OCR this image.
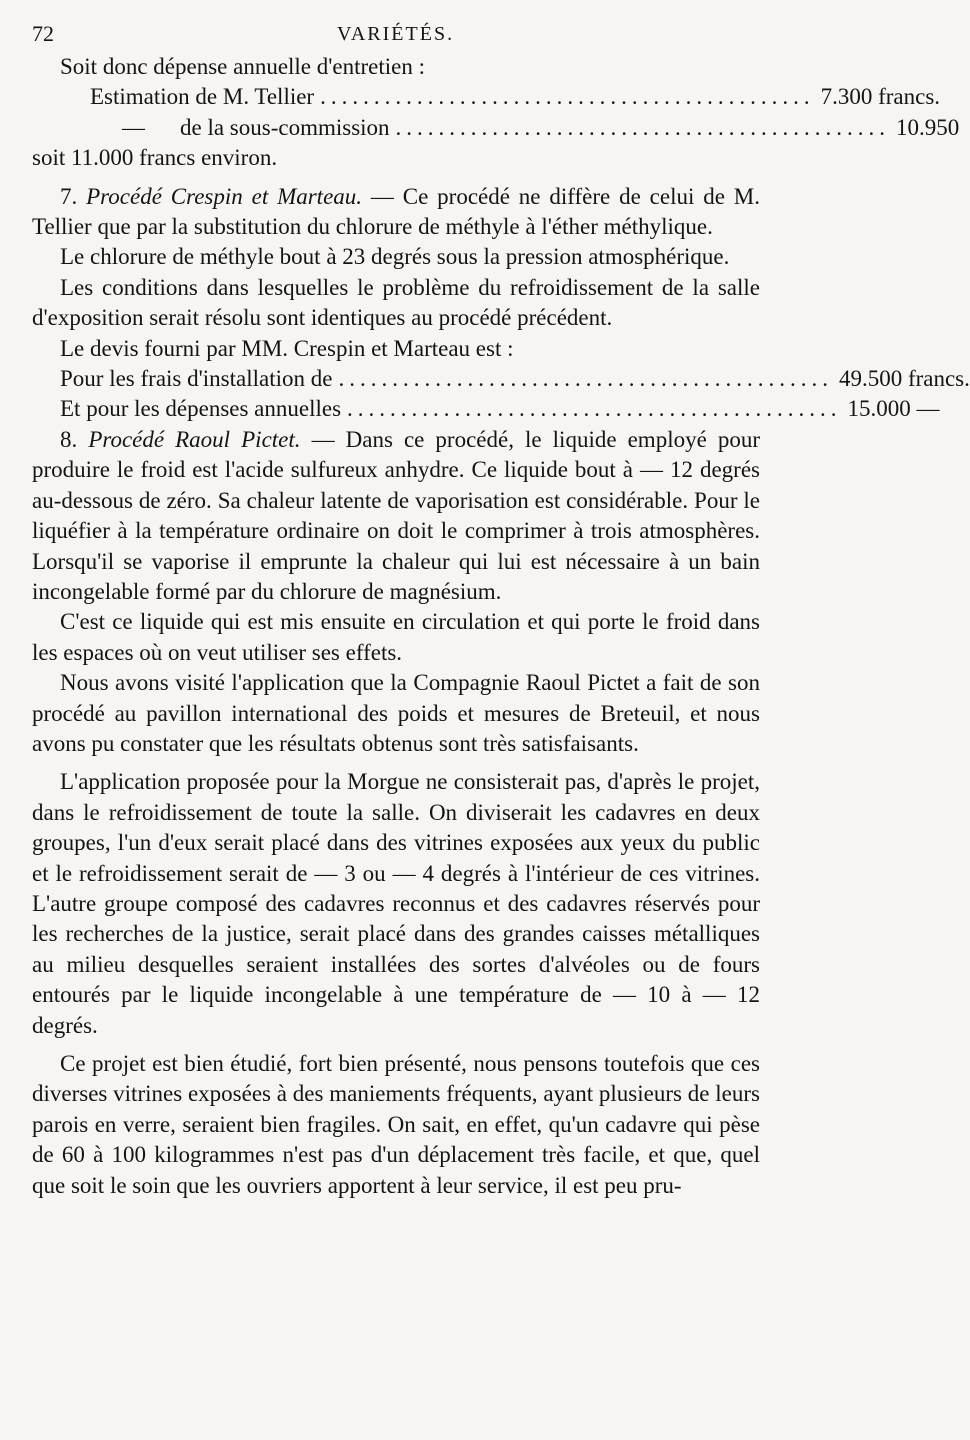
72	VARIÉTÉS.

Soit donc dépense annuelle d'entretien :

Estimation de M. Tellier .............................................. 7.300 francs.
— de la sous-commission .............................................. 10.950

soit 11.000 francs environ.

7. Procédé Crespin et Marteau. — Ce procédé ne diffère de celui de M. Tellier que par la substitution du chlorure de méthyle à l'éther méthylique.

Le chlorure de méthyle bout à 23 degrés sous la pression atmosphérique.

Les conditions dans lesquelles le problème du refroidissement de la salle d'exposition serait résolu sont identiques au procédé précédent.

Le devis fourni par MM. Crespin et Marteau est :

Pour les frais d'installation de .............................................. 49.500 francs.
Et pour les dépenses annuelles .............................................. 15.000 —

8. Procédé Raoul Pictet. — Dans ce procédé, le liquide employé pour produire le froid est l'acide sulfureux anhydre. Ce liquide bout à — 12 degrés au-dessous de zéro. Sa chaleur latente de vaporisation est considérable. Pour le liquéfier à la température ordinaire on doit le comprimer à trois atmosphères. Lorsqu'il se vaporise il emprunte la chaleur qui lui est nécessaire à un bain incongelable formé par du chlorure de magnésium.

C'est ce liquide qui est mis ensuite en circulation et qui porte le froid dans les espaces où on veut utiliser ses effets.

Nous avons visité l'application que la Compagnie Raoul Pictet a fait de son procédé au pavillon international des poids et mesures de Breteuil, et nous avons pu constater que les résultats obtenus sont très satisfaisants.

L'application proposée pour la Morgue ne consisterait pas, d'après le projet, dans le refroidissement de toute la salle. On diviserait les cadavres en deux groupes, l'un d'eux serait placé dans des vitrines exposées aux yeux du public et le refroidissement serait de — 3 ou — 4 degrés à l'intérieur de ces vitrines. L'autre groupe composé des cadavres reconnus et des cadavres réservés pour les recherches de la justice, serait placé dans des grandes caisses métalliques au milieu desquelles seraient installées des sortes d'alvéoles ou de fours entourés par le liquide incongelable à une température de — 10 à — 12 degrés.

Ce projet est bien étudié, fort bien présenté, nous pensons toutefois que ces diverses vitrines exposées à des maniements fréquents, ayant plusieurs de leurs parois en verre, seraient bien fragiles. On sait, en effet, qu'un cadavre qui pèse de 60 à 100 kilogrammes n'est pas d'un déplacement très facile, et que, quel que soit le soin que les ouvriers apportent à leur service, il est peu pru-
